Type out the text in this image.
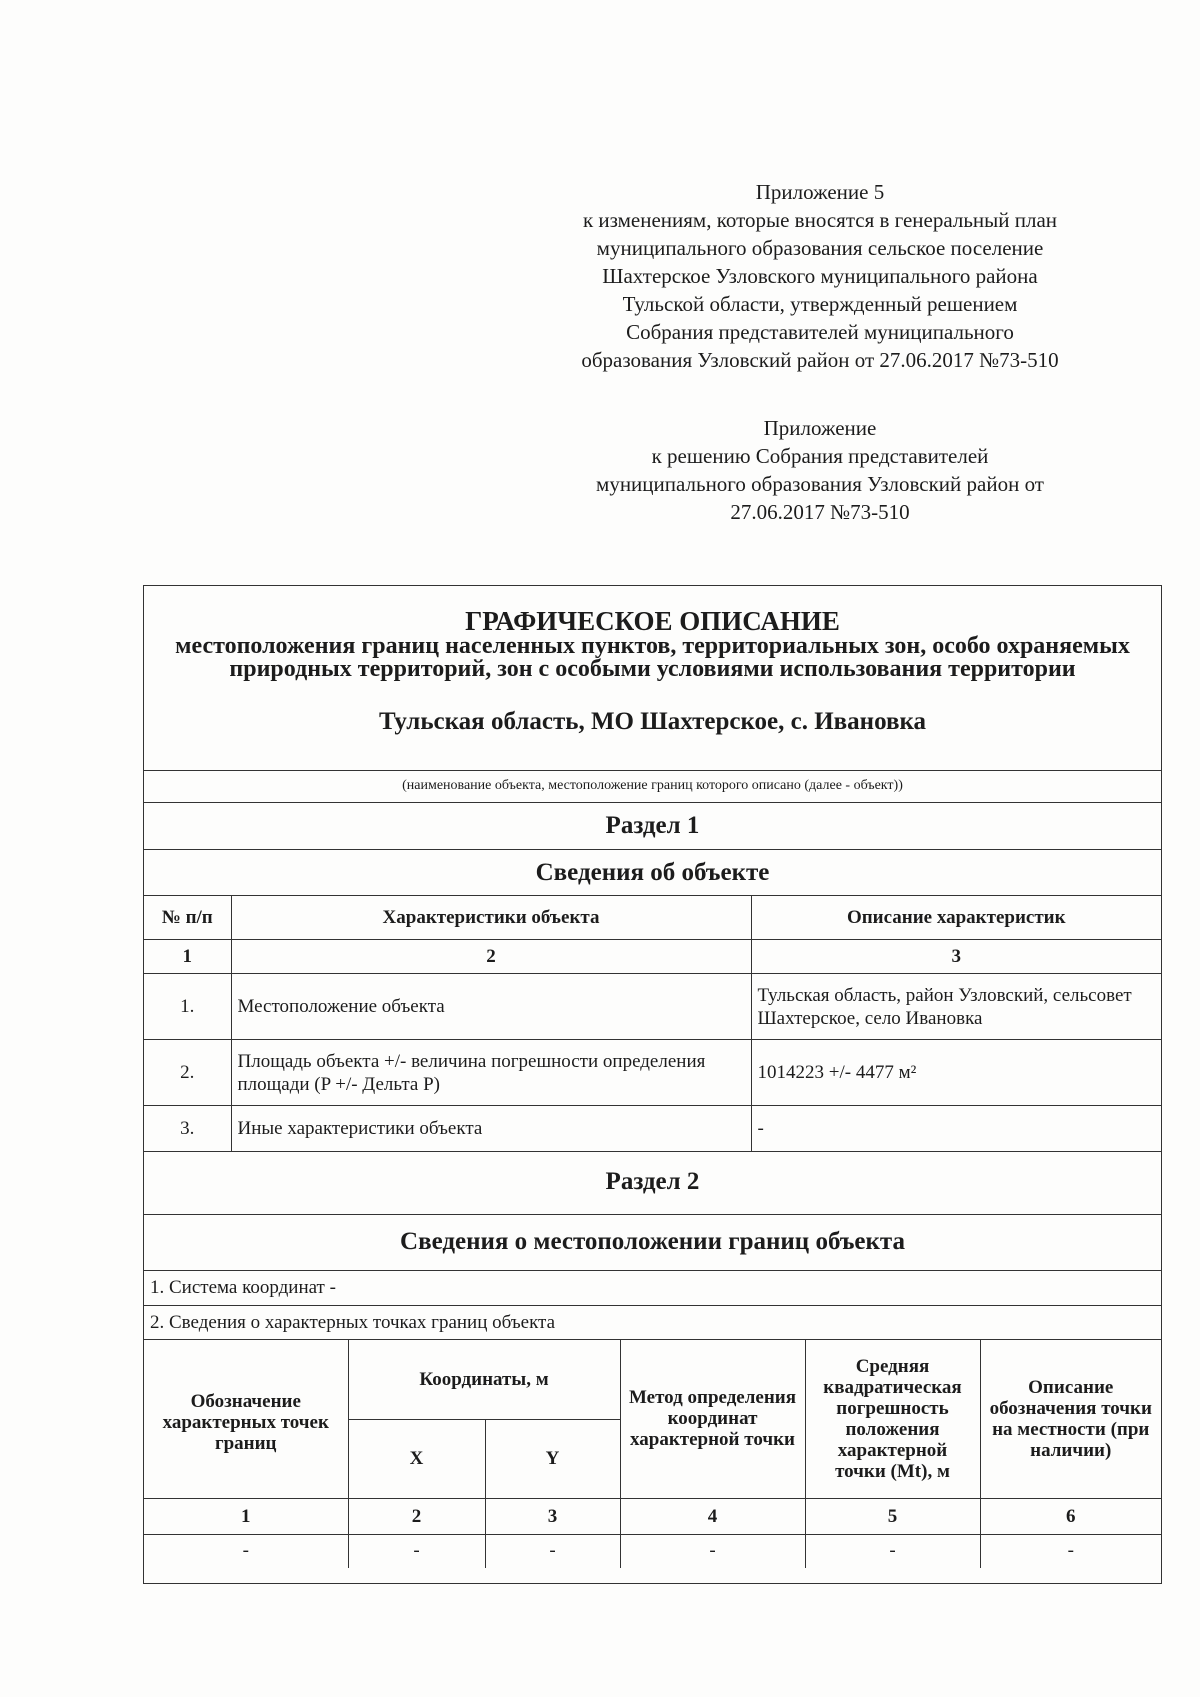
Приложение 5
к изменениям, которые вносятся в генеральный план
муниципального образования сельское поселение
Шахтерское Узловского муниципального района
Тульской области, утвержденный решением
Собрания представителей муниципального
образования Узловский район от 27.06.2017 №73-510
Приложение
к решению Собрания представителей
муниципального образования Узловский район от
27.06.2017 №73-510
ГРАФИЧЕСКОЕ ОПИСАНИЕ
местоположения границ населенных пунктов, территориальных зон, особо охраняемых природных территорий, зон с особыми условиями использования территории
Тульская область, МО Шахтерское, с. Ивановка
(наименование объекта, местоположение границ которого описано (далее - объект))
Раздел 1
Сведения об объекте
№ п/п	Характеристики объекта	Описание характеристик
1	2	3
1.	Местоположение объекта	Тульская область, район Узловский, сельсовет Шахтерское, село Ивановка
2.	Площадь объекта +/- величина погрешности определения площади (P +/- Дельта P)	1014223 +/- 4477 м²
3.	Иные характеристики объекта	-
Раздел 2
Сведения о местоположении границ объекта
1. Система координат -
2. Сведения о характерных точках границ объекта
Обозначение характерных точек границ	Координаты, м		Метод определения координат характерной точки	Средняя квадратическая погрешность положения характерной точки (Mt), м	Описание обозначения точки на местности (при наличии)
	X	Y			
1	2	3	4	5	6
-	-	-	-	-	-
